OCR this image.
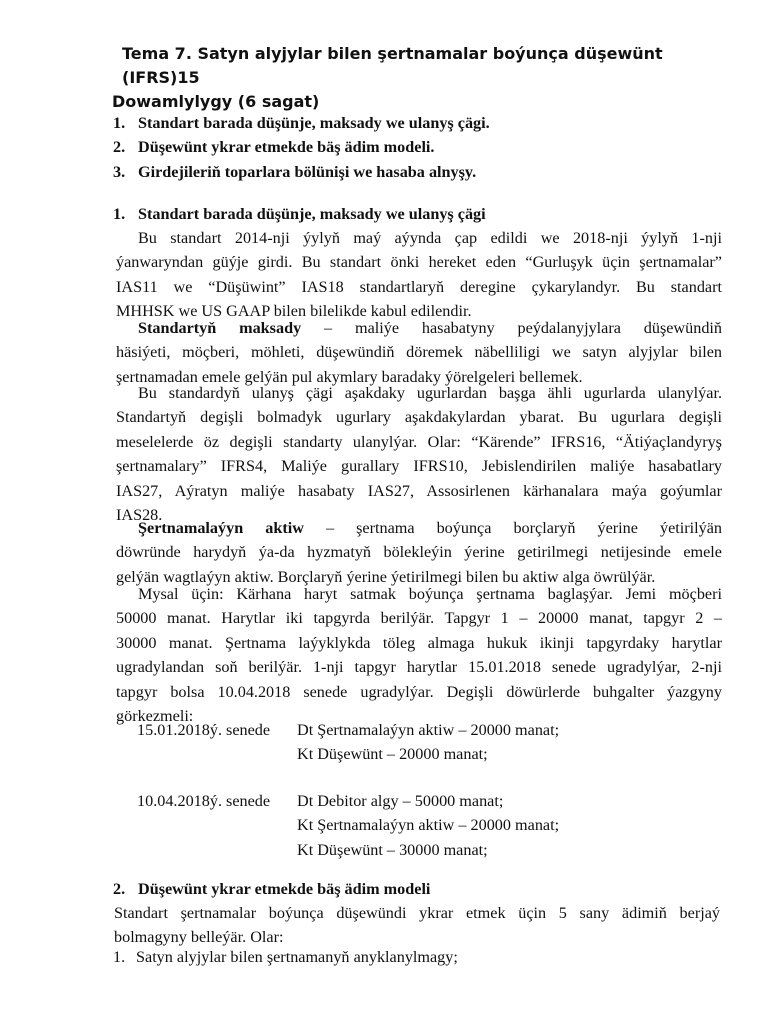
Tema 7. Satyn alyjylar bilen şertnamalar boýunça düşewünt (IFRS)15
Dowamlylygy (6 sagat)
1. Standart barada düşünje, maksady we ulanyş çägi.
2. Düşewünt ykrar etmekde bäş ädim modeli.
3. Girdejileriň toparlara bölünişi we hasaba alnyşy.
1. Standart barada düşünje, maksady we ulanyş çägi
Bu standart 2014-nji ýylyň maý aýynda çap edildi we 2018-nji ýylyň 1-nji
ýanwaryndan güýje girdi. Bu standart önki hereket eden “Gurluşyk üçin şertnamalar”
IAS11 we “Düşüwint” IAS18 standartlaryň deregine çykarylandyr. Bu standart
MHHSK we US GAAP bilen bilelikde kabul edilendir.
Standartyň maksady – maliýe hasabatyny peýdalanyjylara düşewündiň
häsiýeti, möçberi, möhleti, düşewündiň döremek näbelliligi we satyn alyjylar bilen
şertnamadan emele gelýän pul akymlary baradaky ýörelgeleri bellemek.
Bu standardyň ulanyş çägi aşakdaky ugurlardan başga ähli ugurlarda ulanylýar.
Standartyň degişli bolmadyk ugurlary aşakdakylardan ybarat. Bu ugurlara degişli
meselelerde öz degişli standarty ulanylýar. Olar: “Kärende” IFRS16, “Ätiýaçlandyryş
şertnamalary” IFRS4, Maliýe gurallary IFRS10, Jebislendirilen maliýe hasabatlary
IAS27, Aýratyn maliýe hasabaty IAS27, Assosirlenen kärhanalara maýa goýumlar
IAS28.
Şertnamalaýyn aktiw – şertnama boýunça borçlaryň ýerine ýetirilýän
döwründe harydyň ýa-da hyzmatyň bölekleýin ýerine getirilmegi netijesinde emele
gelýän wagtlaýyn aktiw. Borçlaryň ýerine ýetirilmegi bilen bu aktiw alga öwrülýär.
Mysal üçin: Kärhana haryt satmak boýunça şertnama baglaşýar. Jemi möçberi
50000 manat. Harytlar iki tapgyrda berilýär. Tapgyr 1 – 20000 manat, tapgyr 2 –
30000 manat. Şertnama laýyklykda töleg almaga hukuk ikinji tapgyrdaky harytlar
ugradylandan soň berilýär. 1-nji tapgyr harytlar 15.01.2018 senede ugradylýar, 2-nji
tapgyr bolsa 10.04.2018 senede ugradylýar. Degişli döwürlerde buhgalter ýazgyny
görkezmeli:
15.01.2018ý. senede	Dt Şertnamalaýyn aktiw – 20000 manat;
Kt Düşewünt – 20000 manat;
10.04.2018ý. senede	Dt Debitor algy – 50000 manat;
Kt Şertnamalaýyn aktiw – 20000 manat;
Kt Düşewünt – 30000 manat;
2. Düşewünt ykrar etmekde bäş ädim modeli
Standart şertnamalar boýunça düşewündi ykrar etmek üçin 5 sany ädimiň berjaý
bolmagyny belleýär. Olar:
1. Satyn alyjylar bilen şertnamanyň anyklanylmagy;
